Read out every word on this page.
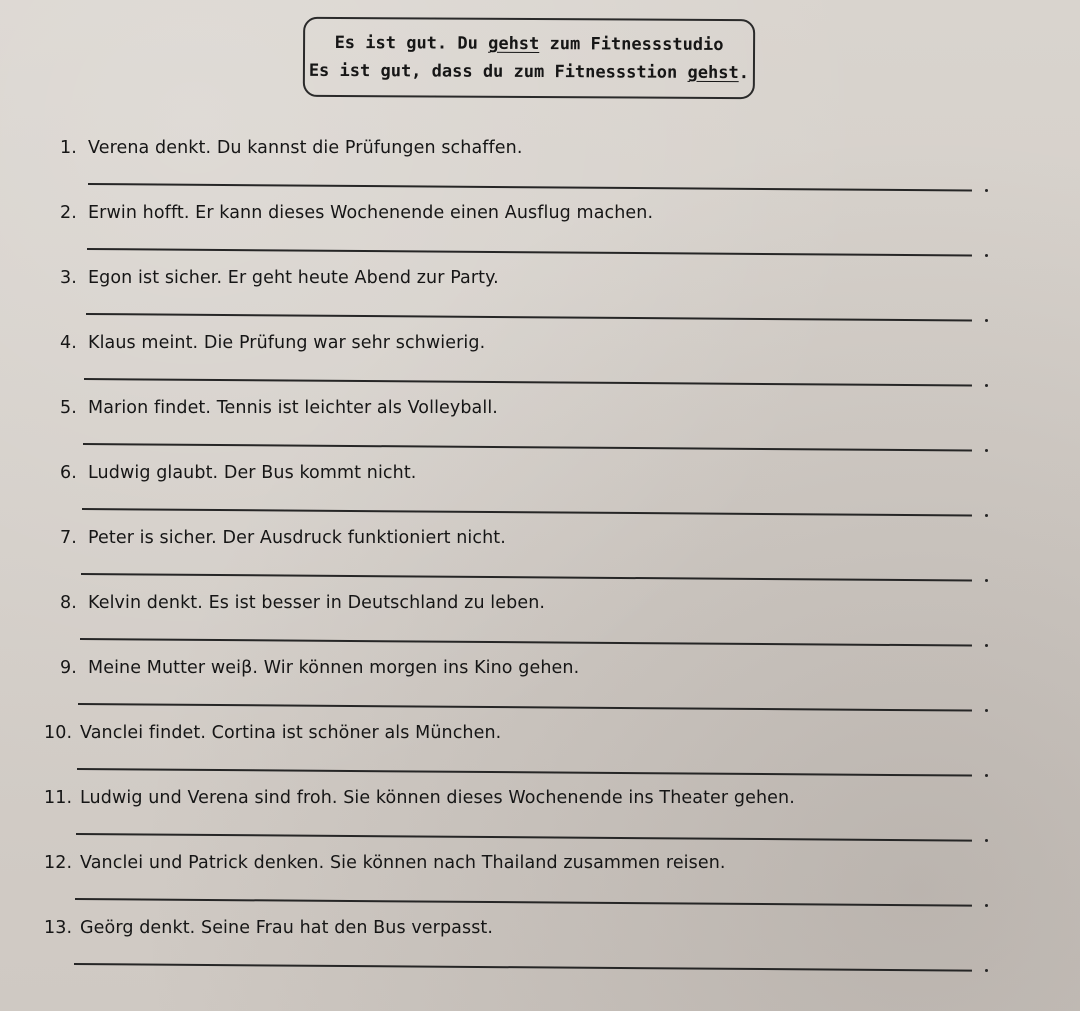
Es ist gut. Du gehst zum Fitnessstudio
Es ist gut, dass du zum Fitnessstion gehst.
1. Verena denkt. Du kannst die Prüfungen schaffen.
2. Erwin hofft. Er kann dieses Wochenende einen Ausflug machen.
3. Egon ist sicher. Er geht heute Abend zur Party.
4. Klaus meint. Die Prüfung war sehr schwierig.
5. Marion findet. Tennis ist leichter als Volleyball.
6. Ludwig glaubt. Der Bus kommt nicht.
7. Peter is sicher. Der Ausdruck funktioniert nicht.
8. Kelvin denkt. Es ist besser in Deutschland zu leben.
9. Meine Mutter weiβ. Wir können morgen ins Kino gehen.
10. Vanclei findet. Cortina ist schöner als München.
11. Ludwig und Verena sind froh. Sie können dieses Wochenende ins Theater gehen.
12. Vanclei und Patrick denken. Sie können nach Thailand zusammen reisen.
13. Geörg denkt. Seine Frau hat den Bus verpasst.
